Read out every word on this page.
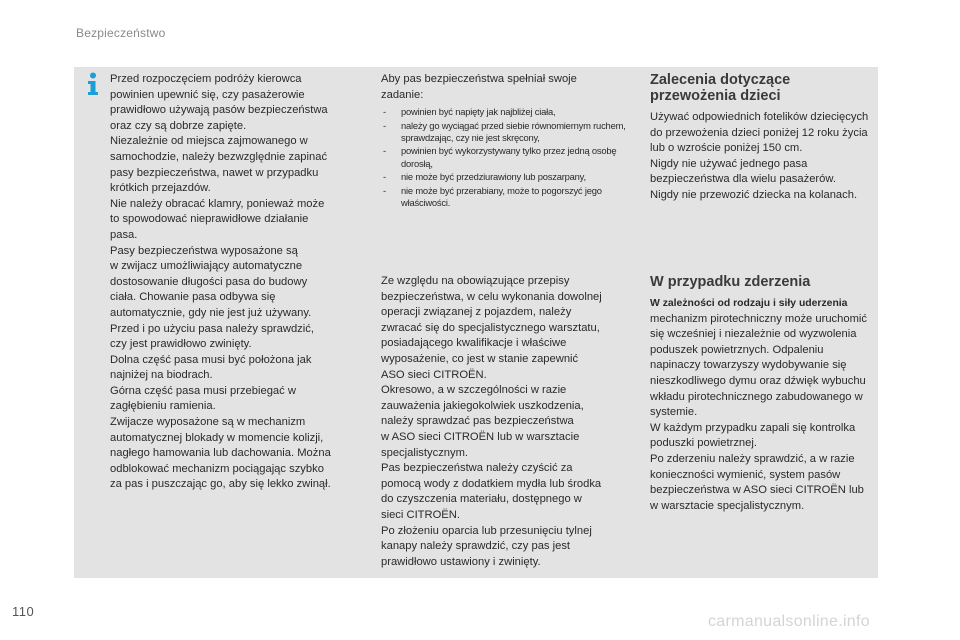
Bezpieczeństwo

Przed rozpoczęciem podróży kierowca
powinien upewnić się, czy pasażerowie
prawidłowo używają pasów bezpieczeństwa
oraz czy są dobrze zapięte.
Niezależnie od miejsca zajmowanego w
samochodzie, należy bezwzględnie zapinać
pasy bezpieczeństwa, nawet w przypadku
krótkich przejazdów.
Nie należy obracać klamry, ponieważ może
to spowodować nieprawidłowe działanie
pasa.
Pasy bezpieczeństwa wyposażone są
w zwijacz umożliwiający automatyczne
dostosowanie długości pasa do budowy
ciała. Chowanie pasa odbywa się
automatycznie, gdy nie jest już używany.
Przed i po użyciu pasa należy sprawdzić,
czy jest prawidłowo zwinięty.
Dolna część pasa musi być położona jak
najniżej na biodrach.
Górna część pasa musi przebiegać w
zagłębieniu ramienia.
Zwijacze wyposażone są w mechanizm
automatycznej blokady w momencie kolizji,
nagłego hamowania lub dachowania. Można
odblokować mechanizm pociągając szybko
za pas i puszczając go, aby się lekko zwinął.

Aby pas bezpieczeństwa spełniał swoje
zadanie:

- powinien być napięty jak najbliżej ciała,
- należy go wyciągać przed siebie równomiernym ruchem, sprawdzając, czy nie jest skręcony,
- powinien być wykorzystywany tylko przez jedną osobę dorosłą,
- nie może być przedziurawiony lub poszarpany,
- nie może być przerabiany, może to pogorszyć jego właściwości.

Ze względu na obowiązujące przepisy
bezpieczeństwa, w celu wykonania dowolnej
operacji związanej z pojazdem, należy
zwracać się do specjalistycznego warsztatu,
posiadającego kwalifikacje i właściwe
wyposażenie, co jest w stanie zapewnić
ASO sieci CITROËN.
Okresowo, a w szczególności w razie
zauważenia jakiegokolwiek uszkodzenia,
należy sprawdzać pas bezpieczeństwa
w ASO sieci CITROËN lub w warsztacie
specjalistycznym.
Pas bezpieczeństwa należy czyścić za
pomocą wody z dodatkiem mydła lub środka
do czyszczenia materiału, dostępnego w
sieci CITROËN.
Po złożeniu oparcia lub przesunięciu tylnej
kanapy należy sprawdzić, czy pas jest
prawidłowo ustawiony i zwinięty.

Zalecenia dotyczące
przewożenia dzieci

Używać odpowiednich fotelików dziecięcych
do przewożenia dzieci poniżej 12 roku życia
lub o wzroście poniżej 150 cm.
Nigdy nie używać jednego pasa
bezpieczeństwa dla wielu pasażerów.
Nigdy nie przewozić dziecka na kolanach.

W przypadku zderzenia

W zależności od rodzaju i siły uderzenia

mechanizm pirotechniczny może uruchomić
się wcześniej i niezależnie od wyzwolenia
poduszek powietrznych. Odpaleniu
napinaczy towarzyszy wydobywanie się
nieszkodliwego dymu oraz dźwięk wybuchu
wkładu pirotechnicznego zabudowanego w
systemie.
W każdym przypadku zapali się kontrolka
poduszki powietrznej.
Po zderzeniu należy sprawdzić, a w razie
konieczności wymienić, system pasów
bezpieczeństwa w ASO sieci CITROËN lub
w warsztacie specjalistycznym.

110
carmanualsonline.info
